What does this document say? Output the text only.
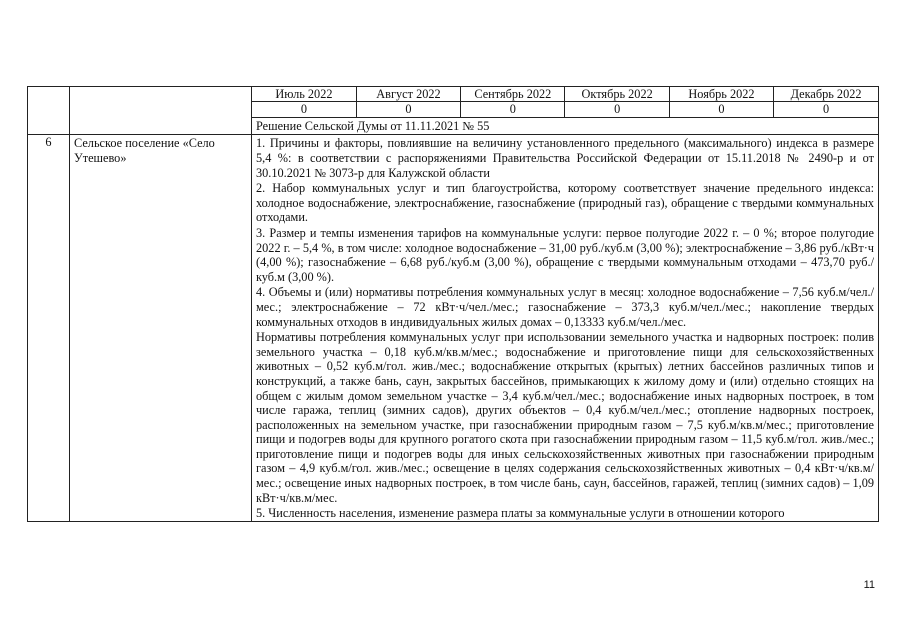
Июль 2022	Август 2022	Сентябрь 2022	Октябрь 2022	Ноябрь 2022	Декабрь 2022
0	0	0	0	0	0
Решение Сельской Думы от 11.11.2021 № 55

6	Сельское поселение «Село Утешево»	
1. Причины и факторы, повлиявшие на величину установленного предельного (максимального) индекса в размере 5,4 %: в соответствии с распоряжениями Правительства Российской Федерации от 15.11.2018 № 2490-р и от 30.10.2021 № 3073-р для Калужской области
2. Набор коммунальных услуг и тип благоустройства, которому соответствует значение предельного индекса: холодное водоснабжение, электроснабжение, газоснабжение (природный газ), обращение с твердыми коммунальных отходами.
3. Размер и темпы изменения тарифов на коммунальные услуги: первое полугодие 2022 г. – 0 %; второе полугодие 2022 г. – 5,4 %, в том числе: холодное водоснабжение – 31,00 руб./куб.м (3,00 %); электроснабжение – 3,86 руб./кВт·ч (4,00 %); газоснабжение – 6,68 руб./куб.м (3,00 %), обращение с твердыми коммунальным отходами – 473,70 руб./куб.м (3,00 %).
4. Объемы и (или) нормативы потребления коммунальных услуг в месяц: холодное водоснабжение – 7,56 куб.м/чел./мес.; электроснабжение – 72 кВт·ч/чел./мес.; газоснабжение – 373,3 куб.м/чел./мес.; накопление твердых коммунальных отходов в индивидуальных жилых домах – 0,13333 куб.м/чел./мес.
Нормативы потребления коммунальных услуг при использовании земельного участка и надворных построек: полив земельного участка – 0,18 куб.м/кв.м/мес.; водоснабжение и приготовление пищи для сельскохозяйственных животных – 0,52 куб.м/гол. жив./мес.; водоснабжение открытых (крытых) летних бассейнов различных типов и конструкций, а также бань, саун, закрытых бассейнов, примыкающих к жилому дому и (или) отдельно стоящих на общем с жилым домом земельном участке – 3,4 куб.м/чел./мес.; водоснабжение иных надворных построек, в том числе гаража, теплиц (зимних садов), других объектов – 0,4 куб.м/чел./мес.; отопление надворных построек, расположенных на земельном участке, при газоснабжении природным газом – 7,5 куб.м/кв.м/мес.; приготовление пищи и подогрев воды для крупного рогатого скота при газоснабжении природным газом – 11,5 куб.м/гол. жив./мес.; приготовление пищи и подогрев воды для иных сельскохозяйственных животных при газоснабжении природным газом – 4,9 куб.м/гол. жив./мес.; освещение в целях содержания сельскохозяйственных животных – 0,4 кВт·ч/кв.м/мес.; освещение иных надворных построек, в том числе бань, саун, бассейнов, гаражей, теплиц (зимних садов) – 1,09 кВт·ч/кв.м/мес.
5. Численность населения, изменение размера платы за коммунальные услуги в отношении которого
11
